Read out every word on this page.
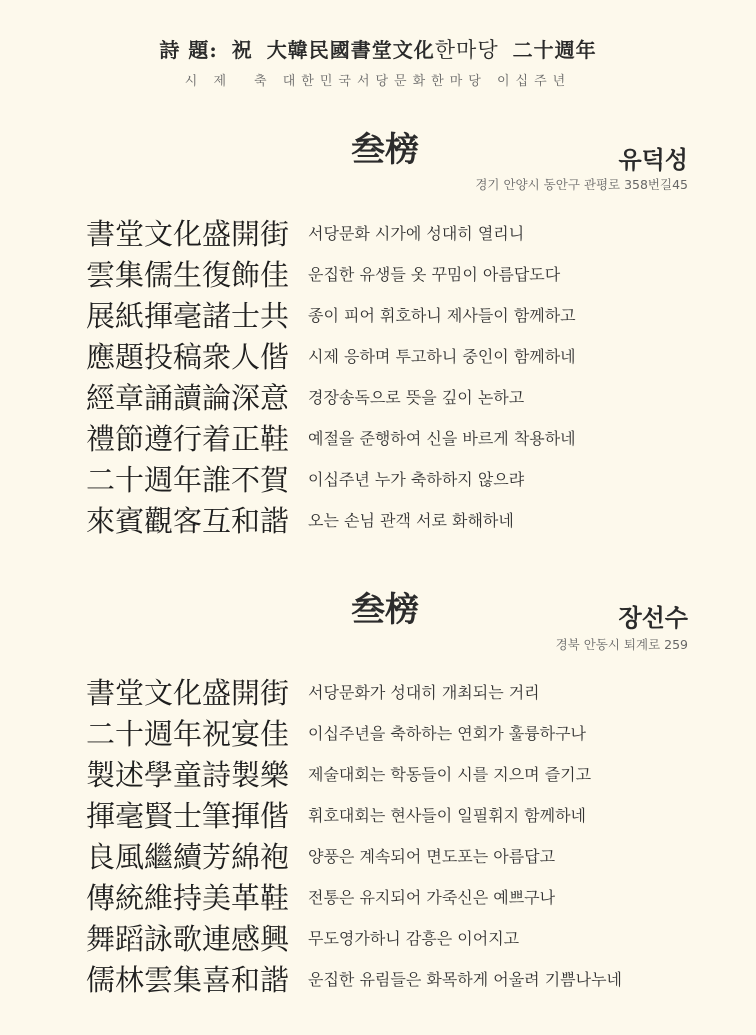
詩 題: 祝 大韓民國書堂文化한마당 二十週年
시 제 축 대한민국서당문화한마당 이십주년
叁榜	유덕성
경기 안양시 동안구 관평로 358번길45
書堂文化盛開街	서당문화 시가에 성대히 열리니
雲集儒生復飾佳	운집한 유생들 옷 꾸밈이 아름답도다
展紙揮毫諸士共	종이 피어 휘호하니 제사들이 함께하고
應題投稿衆人偕	시제 응하며 투고하니 중인이 함께하네
經章誦讀論深意	경장송독으로 뜻을 깊이 논하고
禮節遵行着正鞋	예절을 준행하여 신을 바르게 착용하네
二十週年誰不賀	이십주년 누가 축하하지 않으랴
來賓觀客互和諧	오는 손님 관객 서로 화해하네
叁榜	장선수
경북 안동시 퇴계로 259
書堂文化盛開街	서당문화가 성대히 개최되는 거리
二十週年祝宴佳	이십주년을 축하하는 연회가 훌륭하구나
製述學童詩製樂	제술대회는 학동들이 시를 지으며 즐기고
揮毫賢士筆揮偕	휘호대회는 현사들이 일필휘지 함께하네
良風繼續芳綿袍	양풍은 계속되어 면도포는 아름답고
傳統維持美革鞋	전통은 유지되어 가죽신은 예쁘구나
舞蹈詠歌連感興	무도영가하니 감흥은 이어지고
儒林雲集喜和諧	운집한 유림들은 화목하게 어울려 기쁨나누네
